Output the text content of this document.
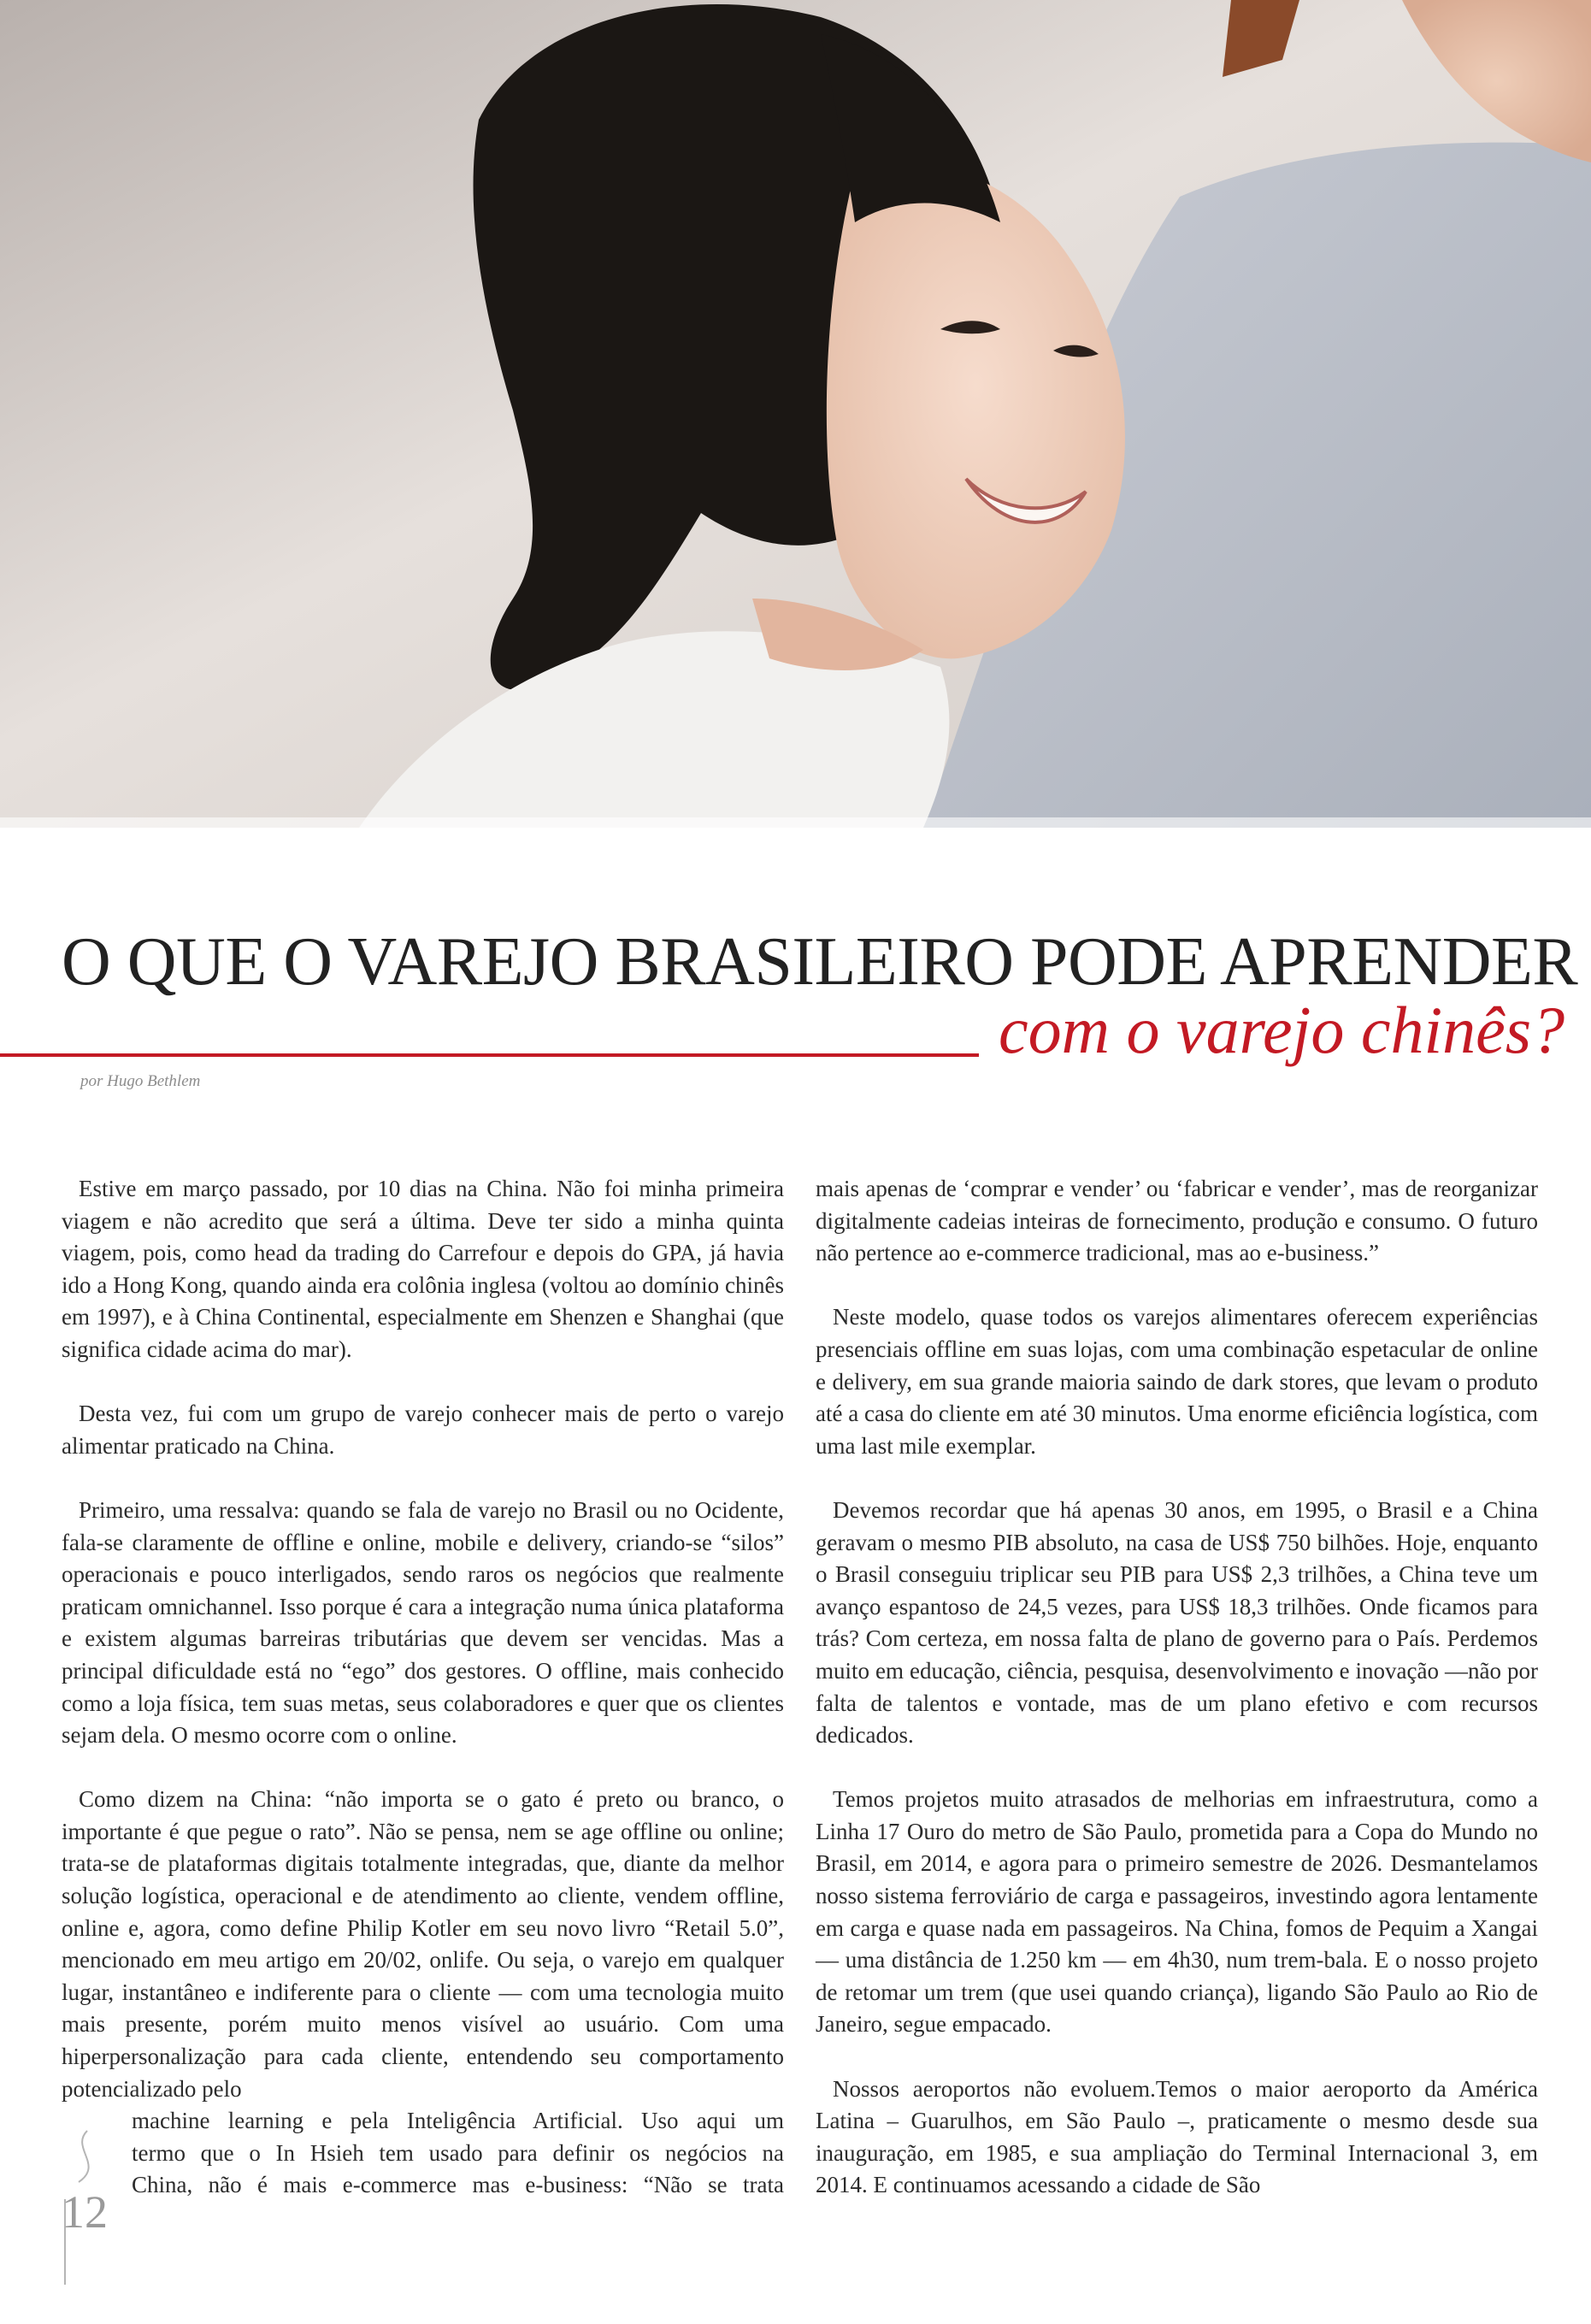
O QUE O VAREJO BRASILEIRO PODE APRENDER
com o varejo chinês?
por Hugo Bethlem

Estive em março passado, por 10 dias na China. Não foi minha primeira viagem e não acredito que será a última. Deve ter sido a minha quinta viagem, pois, como head da trading do Carrefour e depois do GPA, já havia ido a Hong Kong, quando ainda era colônia inglesa (voltou ao domínio chinês em 1997), e à China Continental, especialmente em Shenzen e Shanghai (que significa cidade acima do mar).

Desta vez, fui com um grupo de varejo conhecer mais de perto o varejo alimentar praticado na China.

Primeiro, uma ressalva: quando se fala de varejo no Brasil ou no Ocidente, fala-se claramente de offline e online, mobile e delivery, criando-se “silos” operacionais e pouco interligados, sendo raros os negócios que realmente praticam omnichannel. Isso porque é cara a integração numa única plataforma e existem algumas barreiras tributárias que devem ser vencidas. Mas a principal dificuldade está no “ego” dos gestores. O offline, mais conhecido como a loja física, tem suas metas, seus colaboradores e quer que os clientes sejam dela. O mesmo ocorre com o online.

Como dizem na China: “não importa se o gato é preto ou branco, o importante é que pegue o rato”. Não se pensa, nem se age offline ou online; trata-se de plataformas digitais totalmente integradas, que, diante da melhor solução logística, operacional e de atendimento ao cliente, vendem offline, online e, agora, como define Philip Kotler em seu novo livro “Retail 5.0”, mencionado em meu artigo em 20/02, onlife. Ou seja, o varejo em qualquer lugar, instantâneo e indiferente para o cliente — com uma tecnologia muito mais presente, porém muito menos visível ao usuário. Com uma hiperpersonalização para cada cliente, entendendo seu comportamento potencializado pelo

machine learning e pela Inteligência Artificial. Uso aqui um
termo que o In Hsieh tem usado para definir os negócios na
China, não é mais e-commerce mas e-business: “Não se trata

mais apenas de ‘comprar e vender’ ou ‘fabricar e vender’, mas de reorganizar digitalmente cadeias inteiras de fornecimento, produção e consumo. O futuro não pertence ao e-commerce tradicional, mas ao e-business.”

Neste modelo, quase todos os varejos alimentares oferecem experiências presenciais offline em suas lojas, com uma combinação espetacular de online e delivery, em sua grande maioria saindo de dark stores, que levam o produto até a casa do cliente em até 30 minutos. Uma enorme eficiência logística, com uma last mile exemplar.

Devemos recordar que há apenas 30 anos, em 1995, o Brasil e a China geravam o mesmo PIB absoluto, na casa de US$ 750 bilhões. Hoje, enquanto o Brasil conseguiu triplicar seu PIB para US$ 2,3 trilhões, a China teve um avanço espantoso de 24,5 vezes, para US$ 18,3 trilhões. Onde ficamos para trás? Com certeza, em nossa falta de plano de governo para o País. Perdemos muito em educação, ciência, pesquisa, desenvolvimento e inovação —não por falta de talentos e vontade, mas de um plano efetivo e com recursos dedicados.

Temos projetos muito atrasados de melhorias em infraestrutura, como a Linha 17 Ouro do metro de São Paulo, prometida para a Copa do Mundo no Brasil, em 2014, e agora para o primeiro semestre de 2026. Desmantelamos nosso sistema ferroviário de carga e passageiros, investindo agora lentamente em carga e quase nada em passageiros. Na China, fomos de Pequim a Xangai — uma distância de 1.250 km — em 4h30, num trem-bala. E o nosso projeto de retomar um trem (que usei quando criança), ligando São Paulo ao Rio de Janeiro, segue empacado.

Nossos aeroportos não evoluem.Temos o maior aeroporto da América Latina – Guarulhos, em São Paulo –, praticamente o mesmo desde sua inauguração, em 1985, e sua ampliação do Terminal Internacional 3, em 2014. E continuamos acessando a cidade de São

12
